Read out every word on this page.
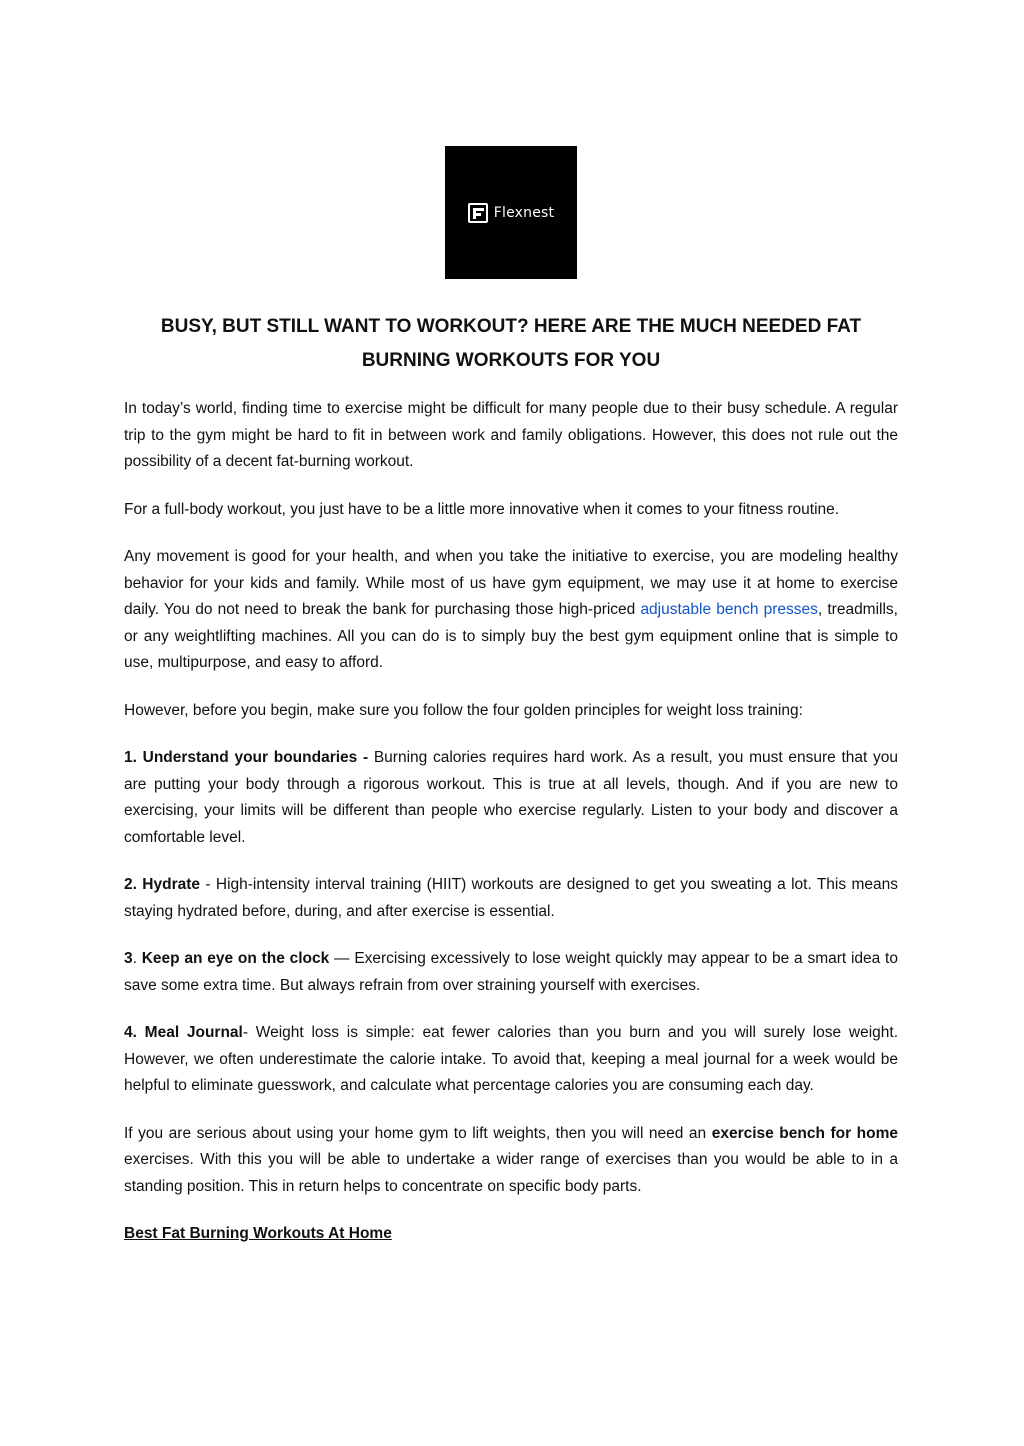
Flexnest
BUSY, BUT STILL WANT TO WORKOUT? HERE ARE THE MUCH NEEDED FAT BURNING WORKOUTS FOR YOU

In today’s world, finding time to exercise might be difficult for many people due to their busy schedule. A regular trip to the gym might be hard to fit in between work and family obligations. However, this does not rule out the possibility of a decent fat-burning workout.

For a full-body workout, you just have to be a little more innovative when it comes to your fitness routine.

Any movement is good for your health, and when you take the initiative to exercise, you are modeling healthy behavior for your kids and family. While most of us have gym equipment, we may use it at home to exercise daily. You do not need to break the bank for purchasing those high-priced adjustable bench presses, treadmills, or any weightlifting machines. All you can do is to simply buy the best gym equipment online that is simple to use, multipurpose, and easy to afford.

However, before you begin, make sure you follow the four golden principles for weight loss training:

1. Understand your boundaries - Burning calories requires hard work. As a result, you must ensure that you are putting your body through a rigorous workout. This is true at all levels, though. And if you are new to exercising, your limits will be different than people who exercise regularly. Listen to your body and discover a comfortable level.

2. Hydrate - High-intensity interval training (HIIT) workouts are designed to get you sweating a lot. This means staying hydrated before, during, and after exercise is essential.

3. Keep an eye on the clock — Exercising excessively to lose weight quickly may appear to be a smart idea to save some extra time. But always refrain from over straining yourself with exercises.

4. Meal Journal- Weight loss is simple: eat fewer calories than you burn and you will surely lose weight. However, we often underestimate the calorie intake. To avoid that, keeping a meal journal for a week would be helpful to eliminate guesswork, and calculate what percentage calories you are consuming each day.

If you are serious about using your home gym to lift weights, then you will need an exercise bench for home exercises. With this you will be able to undertake a wider range of exercises than you would be able to in a standing position. This in return helps to concentrate on specific body parts.

Best Fat Burning Workouts At Home
